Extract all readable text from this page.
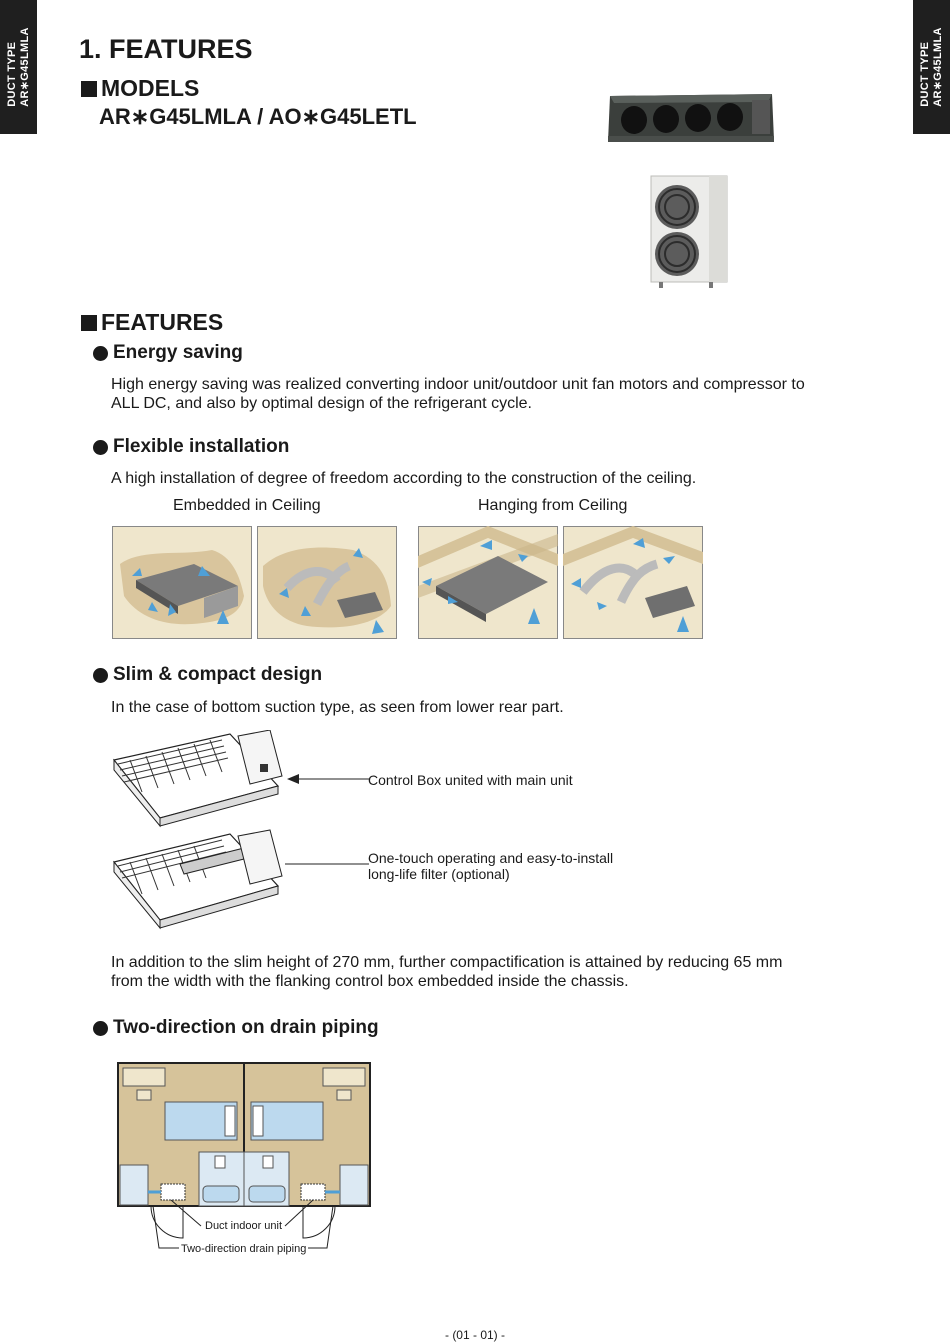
DUCT TYPE AR∗G45LMLA	DUCT TYPE AR∗G45LMLA
1. FEATURES
MODELS
AR∗G45LMLA / AO∗G45LETL
FEATURES
Energy saving
High energy saving was realized converting indoor unit/outdoor unit fan motors and compressor to
ALL DC, and also by optimal design of the refrigerant cycle.
Flexible installation
A high installation of degree of freedom according to the construction of the ceiling.
Embedded in Ceiling	Hanging from Ceiling
Slim & compact design
In the case of bottom suction type, as seen from lower rear part.
Control Box united with main unit
One-touch operating and easy-to-install
long-life filter (optional)
In addition to the slim height of 270 mm, further compactification is attained by reducing 65 mm
from the width with the flanking control box embedded inside the chassis.
Two-direction on drain piping
Duct indoor unit
Two-direction drain piping
- (01 - 01) -
